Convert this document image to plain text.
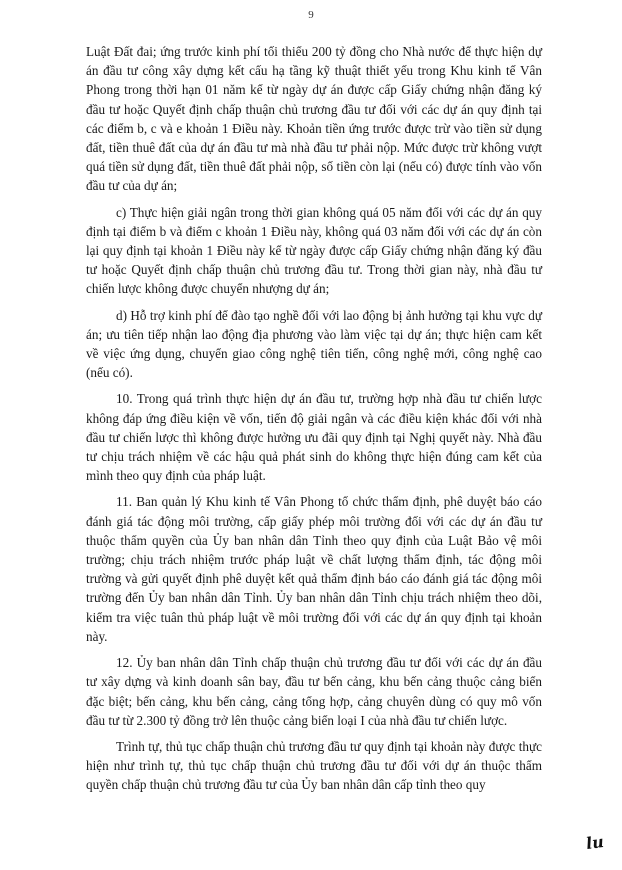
9

Luật Đất đai; ứng trước kinh phí tối thiểu 200 tỷ đồng cho Nhà nước để thực hiện dự án đầu tư công xây dựng kết cấu hạ tầng kỹ thuật thiết yếu trong Khu kinh tế Vân Phong trong thời hạn 01 năm kể từ ngày dự án được cấp Giấy chứng nhận đăng ký đầu tư hoặc Quyết định chấp thuận chủ trương đầu tư đối với các dự án quy định tại các điểm b, c và e khoản 1 Điều này. Khoản tiền ứng trước được trừ vào tiền sử dụng đất, tiền thuê đất của dự án đầu tư mà nhà đầu tư phải nộp. Mức được trừ không vượt quá tiền sử dụng đất, tiền thuê đất phải nộp, số tiền còn lại (nếu có) được tính vào vốn đầu tư của dự án;

c) Thực hiện giải ngân trong thời gian không quá 05 năm đối với các dự án quy định tại điểm b và điểm c khoản 1 Điều này, không quá 03 năm đối với các dự án còn lại quy định tại khoản 1 Điều này kể từ ngày được cấp Giấy chứng nhận đăng ký đầu tư hoặc Quyết định chấp thuận chủ trương đầu tư. Trong thời gian này, nhà đầu tư chiến lược không được chuyển nhượng dự án;

d) Hỗ trợ kinh phí để đào tạo nghề đối với lao động bị ảnh hưởng tại khu vực dự án; ưu tiên tiếp nhận lao động địa phương vào làm việc tại dự án; thực hiện cam kết về việc ứng dụng, chuyển giao công nghệ tiên tiến, công nghệ mới, công nghệ cao (nếu có).

10. Trong quá trình thực hiện dự án đầu tư, trường hợp nhà đầu tư chiến lược không đáp ứng điều kiện về vốn, tiến độ giải ngân và các điều kiện khác đối với nhà đầu tư chiến lược thì không được hưởng ưu đãi quy định tại Nghị quyết này. Nhà đầu tư chịu trách nhiệm về các hậu quả phát sinh do không thực hiện đúng cam kết của mình theo quy định của pháp luật.

11. Ban quản lý Khu kinh tế Vân Phong tổ chức thẩm định, phê duyệt báo cáo đánh giá tác động môi trường, cấp giấy phép môi trường đối với các dự án đầu tư thuộc thẩm quyền của Ủy ban nhân dân Tỉnh theo quy định của Luật Bảo vệ môi trường; chịu trách nhiệm trước pháp luật về chất lượng thẩm định, tác động môi trường và gửi quyết định phê duyệt kết quả thẩm định báo cáo đánh giá tác động môi trường đến Ủy ban nhân dân Tỉnh. Ủy ban nhân dân Tỉnh chịu trách nhiệm theo dõi, kiểm tra việc tuân thủ pháp luật về môi trường đối với các dự án quy định tại khoản này.

12. Ủy ban nhân dân Tỉnh chấp thuận chủ trương đầu tư đối với các dự án đầu tư xây dựng và kinh doanh sân bay, đầu tư bến cảng, khu bến cảng thuộc cảng biển đặc biệt; bến cảng, khu bến cảng, cảng tổng hợp, cảng chuyên dùng có quy mô vốn đầu tư từ 2.300 tỷ đồng trở lên thuộc cảng biển loại I của nhà đầu tư chiến lược.

Trình tự, thủ tục chấp thuận chủ trương đầu tư quy định tại khoản này được thực hiện như trình tự, thủ tục chấp thuận chủ trương đầu tư đối với dự án thuộc thẩm quyền chấp thuận chủ trương đầu tư của Ủy ban nhân dân cấp tỉnh theo quy

lu
